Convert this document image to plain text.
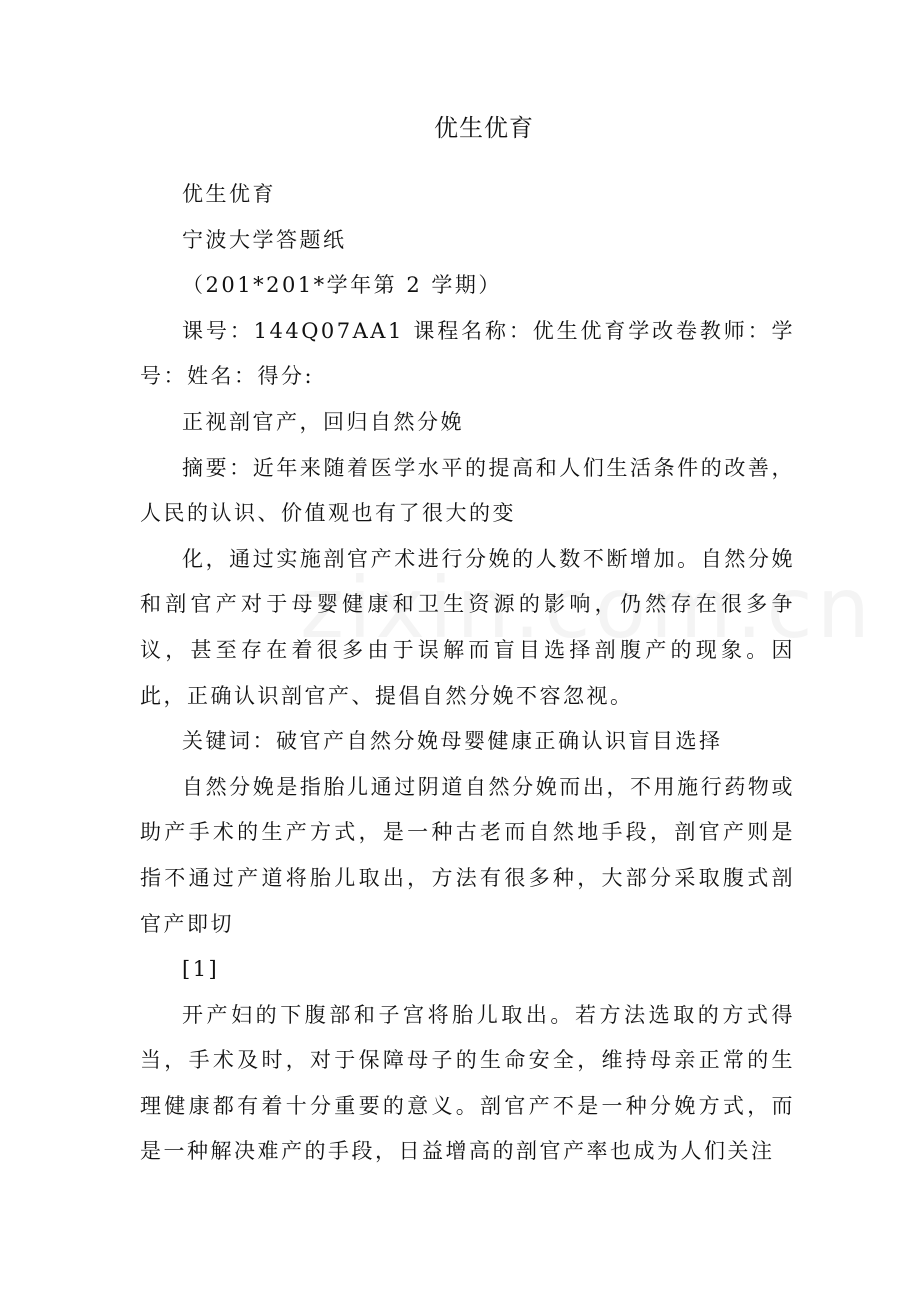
优生优育

优生优育

宁波大学答题纸

（201*201*学年第 2 学期）

课号：144Q07AA1 课程名称：优生优育学改卷教师：学号：姓名：得分:

正视剖官产，回归自然分娩

摘要：近年来随着医学水平的提高和人们生活条件的改善，人民的认识、价值观也有了很大的变

化，通过实施剖官产术进行分娩的人数不断增加。自然分娩和剖官产对于母婴健康和卫生资源的影响，仍然存在很多争议，甚至存在着很多由于误解而盲目选择剖腹产的现象。因此，正确认识剖官产、提倡自然分娩不容忽视。

关键词：破官产自然分娩母婴健康正确认识盲目选择

自然分娩是指胎儿通过阴道自然分娩而出，不用施行药物或助产手术的生产方式，是一种古老而自然地手段，剖官产则是指不通过产道将胎儿取出，方法有很多种，大部分采取腹式剖官产即切

[1]

开产妇的下腹部和子宫将胎儿取出。若方法选取的方式得当，手术及时，对于保障母子的生命安全，维持母亲正常的生理健康都有着十分重要的意义。剖官产不是一种分娩方式，而是一种解决难产的手段，日益增高的剖官产率也成为人们关注
